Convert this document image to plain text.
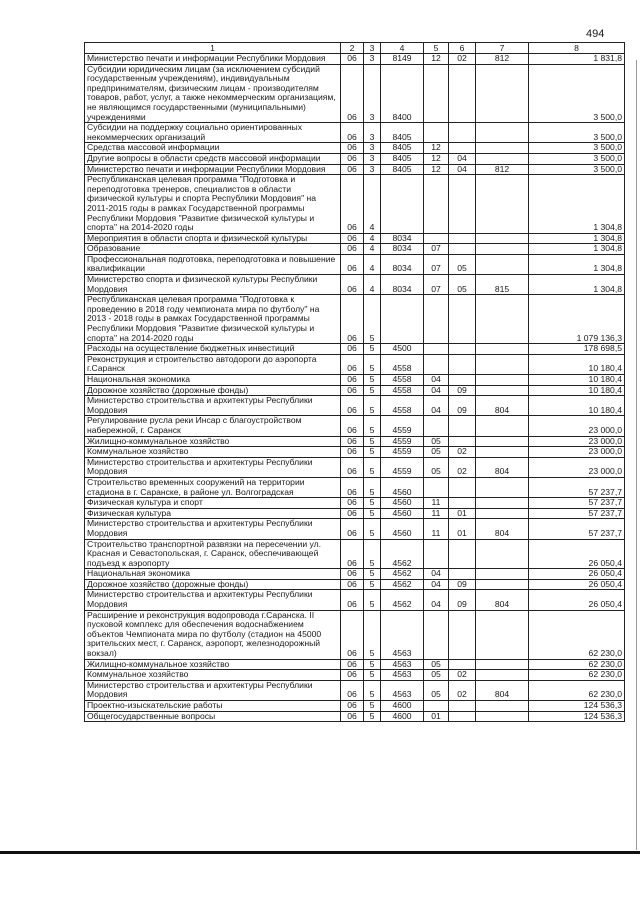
494
1	2	3	4	5	6	7	8
Министерство печати и информации Республики Мордовия	06	3	8149	12	02	812	1 831,8
Субсидии юридическим лицам (за исключением субсидий государственным учреждениям), индивидуальным предпринимателям, физическим лицам - производителям товаров, работ, услуг, а также некоммерческим организациям, не являющимся государственными (муниципальными) учреждениями	06	3	8400				3 500,0
Субсидии на поддержку социально ориентированных некоммерческих организаций	06	3	8405				3 500,0
Средства массовой информации	06	3	8405	12			3 500,0
Другие вопросы в области средств массовой информации	06	3	8405	12	04		3 500,0
Министерство печати и информации Республики Мордовия	06	3	8405	12	04	812	3 500,0
Республиканская целевая программа "Подготовка и переподготовка тренеров, специалистов в области физической культуры и спорта Республики Мордовия" на 2011-2015 годы в рамках Государственной программы Республики Мордовия "Развитие физической культуры и спорта" на 2014-2020 годы	06	4					1 304,8
Мероприятия в области спорта и физической культуры	06	4	8034				1 304,8
Образование	06	4	8034	07			1 304,8
Профессиональная подготовка, переподготовка и повышение квалификации	06	4	8034	07	05		1 304,8
Министерство спорта и физической культуры Республики Мордовия	06	4	8034	07	05	815	1 304,8
Республиканская целевая программа "Подготовка к проведению в 2018 году чемпионата мира по футболу" на 2013 - 2018 годы в рамках Государственной программы Республики Мордовия "Развитие физической культуры и спорта" на 2014-2020 годы	06	5					1 079 136,3
Расходы на осуществление бюджетных инвестиций	06	5	4500				178 698,5
Реконструкция и строительство автодороги до аэропорта г.Саранск	06	5	4558				10 180,4
Национальная экономика	06	5	4558	04			10 180,4
Дорожное хозяйство (дорожные фонды)	06	5	4558	04	09		10 180,4
Министерство строительства и архитектуры Республики Мордовия	06	5	4558	04	09	804	10 180,4
Регулирование русла реки Инсар с благоустройством набережной, г. Саранск	06	5	4559				23 000,0
Жилищно-коммунальное хозяйство	06	5	4559	05			23 000,0
Коммунальное хозяйство	06	5	4559	05	02		23 000,0
Министерство строительства и архитектуры Республики Мордовия	06	5	4559	05	02	804	23 000,0
Строительство временных сооружений на территории стадиона в г. Саранске, в районе ул. Волгоградская	06	5	4560				57 237,7
Физическая культура и спорт	06	5	4560	11			57 237,7
Физическая культура	06	5	4560	11	01		57 237,7
Министерство строительства и архитектуры Республики Мордовия	06	5	4560	11	01	804	57 237,7
Строительство транспортной развязки на пересечении ул. Красная и Севастопольская, г. Саранск, обеспечивающей подъезд к аэропорту	06	5	4562				26 050,4
Национальная экономика	06	5	4562	04			26 050,4
Дорожное хозяйство (дорожные фонды)	06	5	4562	04	09		26 050,4
Министерство строительства и архитектуры Республики Мордовия	06	5	4562	04	09	804	26 050,4
Расширение и реконструкция водопровода г.Саранска. II пусковой комплекс для обеспечения водоснабжением объектов Чемпионата мира по футболу (стадион на 45000 зрительских мест, г. Саранск, аэропорт, железнодорожный вокзал)	06	5	4563				62 230,0
Жилищно-коммунальное хозяйство	06	5	4563	05			62 230,0
Коммунальное хозяйство	06	5	4563	05	02		62 230,0
Министерство строительства и архитектуры Республики Мордовия	06	5	4563	05	02	804	62 230,0
Проектно-изыскательские работы	06	5	4600				124 536,3
Общегосударственные вопросы	06	5	4600	01			124 536,3
